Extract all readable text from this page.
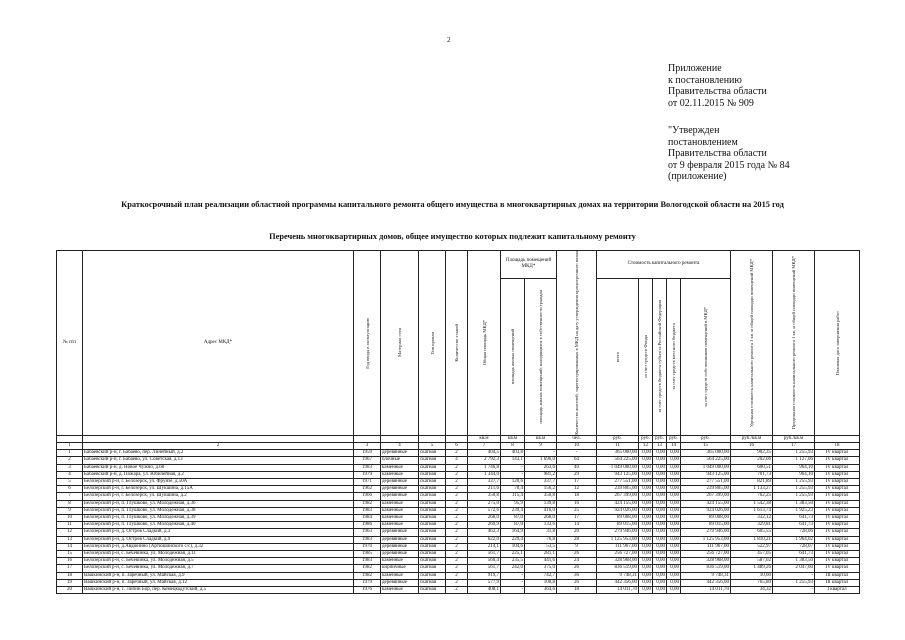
2
Приложение
к постановлению
Правительства области
от 02.11.2015 № 909
"Утвержден
постановлением
Правительства области
от 9 февраля 2015 года № 84
(приложение)
Краткосрочный план реализации областной программы капитального ремонта общего имущества в многоквартирных домах на территории Вологодской области на 2015 год
Перечень многоквартирных домов, общее имущество которых подлежит капитальному ремонту
№ п/п	Адрес МКД*	Год ввода в эксплуатацию	Материал стен	Тип кровли	Количество этажей	Общая площадь МКД*	Площадь помещений МКД*		Количество жителей, зарегистрированных в МКД на дату утверждения краткосрочного плана	Стоимость капитального ремонта					Удельная стоимость капитального ремонта 1 кв. м общей площади помещений МКД*	Предельная стоимость капитального ремонта 1 кв. м общей площади помещений МКД*	Плановая дата завершения работ

							площадь жилых помещений	площадь жилых помещений, находящихся в собственности граждан		всего	за счет средств Фонда	за счет средств бюджета субъекта Российской Федерации	за счет средств местного бюджета	за счет средств собственников помещений в МКД*			

						кв.м	кв.м	кв.м	чел.	руб.	руб.	руб.	руб.	руб.	руб./кв.м	руб./кв.м	
1	2	3	4	5	6	7	8	9	10	11	12	13	14	15	16	17	18
1	Бабаевский р-н, г. Бабаево, пер. Линейный, д.2	1959	деревянные	скатная	2	404,5	403,8	-	-	365 000,00	0,00	0,00	0,00	365 000,00	902,35	1 255,93	IV квартал
2	Бабаевский р-н, г. Бабаево, ул. Советская, д.13	1967	блочные	скатная	4	2 792,3	143,1	1 696,0	64	564 225,00	0,00	0,00	0,00	564 225,00	202,06	1 127,06	IV квартал
3	Бабаевский р-н, д. Новое Чужно, д.68	1983	каменные	скатная	2	1 746,8	-	263,6	40	1 049 000,00	0,00	0,00	0,00	1 049 000,00	600,51	964,10	IV квартал
4	Бабаевский р-н, д. Пожара, ул. Юбилейная, д.2	1979	каменные	скатная	2	1 344,0	-	981,2	29	943 125,00	0,00	0,00	0,00	943 125,00	701,73	964,10	IV квартал
5	Белозерский р-н, г. Белозерск, ул. Фрунзе, д.50А	1971	деревянные	скатная	2	337,7	120,6	337,7	17	277 551,00	0,00	0,00	0,00	277 551,00	821,89	1 255,93	IV квартал
6	Белозерский р-н, г. Белозерск, ул. Шукшина, д.15А	1962	деревянные	скатная	2	211,6	70,4	156,2	12	239 805,00	0,00	0,00	0,00	239 805,00	1 133,27	1 255,93	IV квартал
7	Белозерский р-н, г. Белозерск, ул. Шукшина, д.2	1966	деревянные	скатная	2	350,8	115,4	350,8	18	267 399,00	0,00	0,00	0,00	267 399,00	762,25	1 255,93	IV квартал
8	Белозерский р-н, п. Глушково, ул. Молодежная, д.36	1982	каменные	скатная	2	275,0	95,9	139,8	16	424 155,00	0,00	0,00	0,00	424 155,00	1 542,38	1 383,50	IV квартал
9	Белозерский р-н, п. Глушково, ул. Молодежная, д.38	1983	каменные	скатная	2	572,6	239,4	416,0	25	924 026,00	0,00	0,00	0,00	924 026,00	1 613,74	1 925,23	IV квартал
10	Белозерский р-н, п. Глушково, ул. Молодежная, д.39	1984	каменные	скатная	2	268,0	87,0	268,0	17	89 008,00	0,00	0,00	0,00	89 008,00	332,12	641,73	IV квартал
11	Белозерский р-н, п. Глушково, ул. Молодежная, д.40	1986	каменные	скатная	2	269,9	87,0	133,6	14	89 015,00	0,00	0,00	0,00	89 015,00	329,81	641,73	IV квартал
12	Белозерский р-н, д. Остров Сладкий, д.3	1963	деревянные	скатная	2	462,3	164,9	31,8	20	279 946,00	0,00	0,00	0,00	279 946,00	605,55	728,06	IV квартал
13	Белозерский р-н, д. Остров Сладкий, д.9	1983	деревянные	скатная	2	622,0	229,4	76,8	28	1 125 953,00	0,00	0,00	0,00	1 125 953,00	1 810,21	1 964,02	IV квартал
14	Белозерский р-н, д.Авдюнино (Артюшинского с/с), д.32	1970	деревянные	скатная	2	214,1	104,6	53,5	9	111 967,00	0,00	0,00	0,00	111 967,00	522,97	728,07	IV квартал
15	Белозерский р-н, с. Бечевинка, ул. Молодежная, д.11	1985	деревянные	скатная	2	561,7	225,1	281,1	26	256 727,00	0,00	0,00	0,00	256 727,00	457,05	641,73	IV квартал
16	Белозерский р-н, с. Бечевинка, ул. Молодежная, д.5	1983	каменные	скатная	2	560,4	235,5	441,6	24	328 968,00	0,00	0,00	0,00	328 968,00	587,02	1 383,50	IV квартал
17	Белозерский р-н, с. Бечевинка, ул. Молодежная, д.7	1982	кирпичные	скатная	2	561,7	242,0	375,0	26	836 519,00	0,00	0,00	0,00	836 519,00	1 489,26	2 047,60	IV квартал
18	Вашкинский р-н, п. Заречный, ул. Майская, д.9	1982	каменные	скатная	2	919,7	-	742,7	36	9 748,31	0,00	0,00	0,00	9 748,31	10,60	-	III квартал
19	Вашкинский р-н, п. Заречный, ул. Майская, д.12	1979	деревянные	скатная	2	577,9	-	100,8	26	442 356,00	0,00	0,00	0,00	442 356,00	765,80	1 255,93	III квартал
20	Вашкинский р-н, с. Липин Бор, пер. Кемецкодутский, д.5	1976	каменные	скатная	2	408,1	-	364,6	18	14 011,70	0,00	0,00	0,00	14 011,70	34,32	-	I квартал
